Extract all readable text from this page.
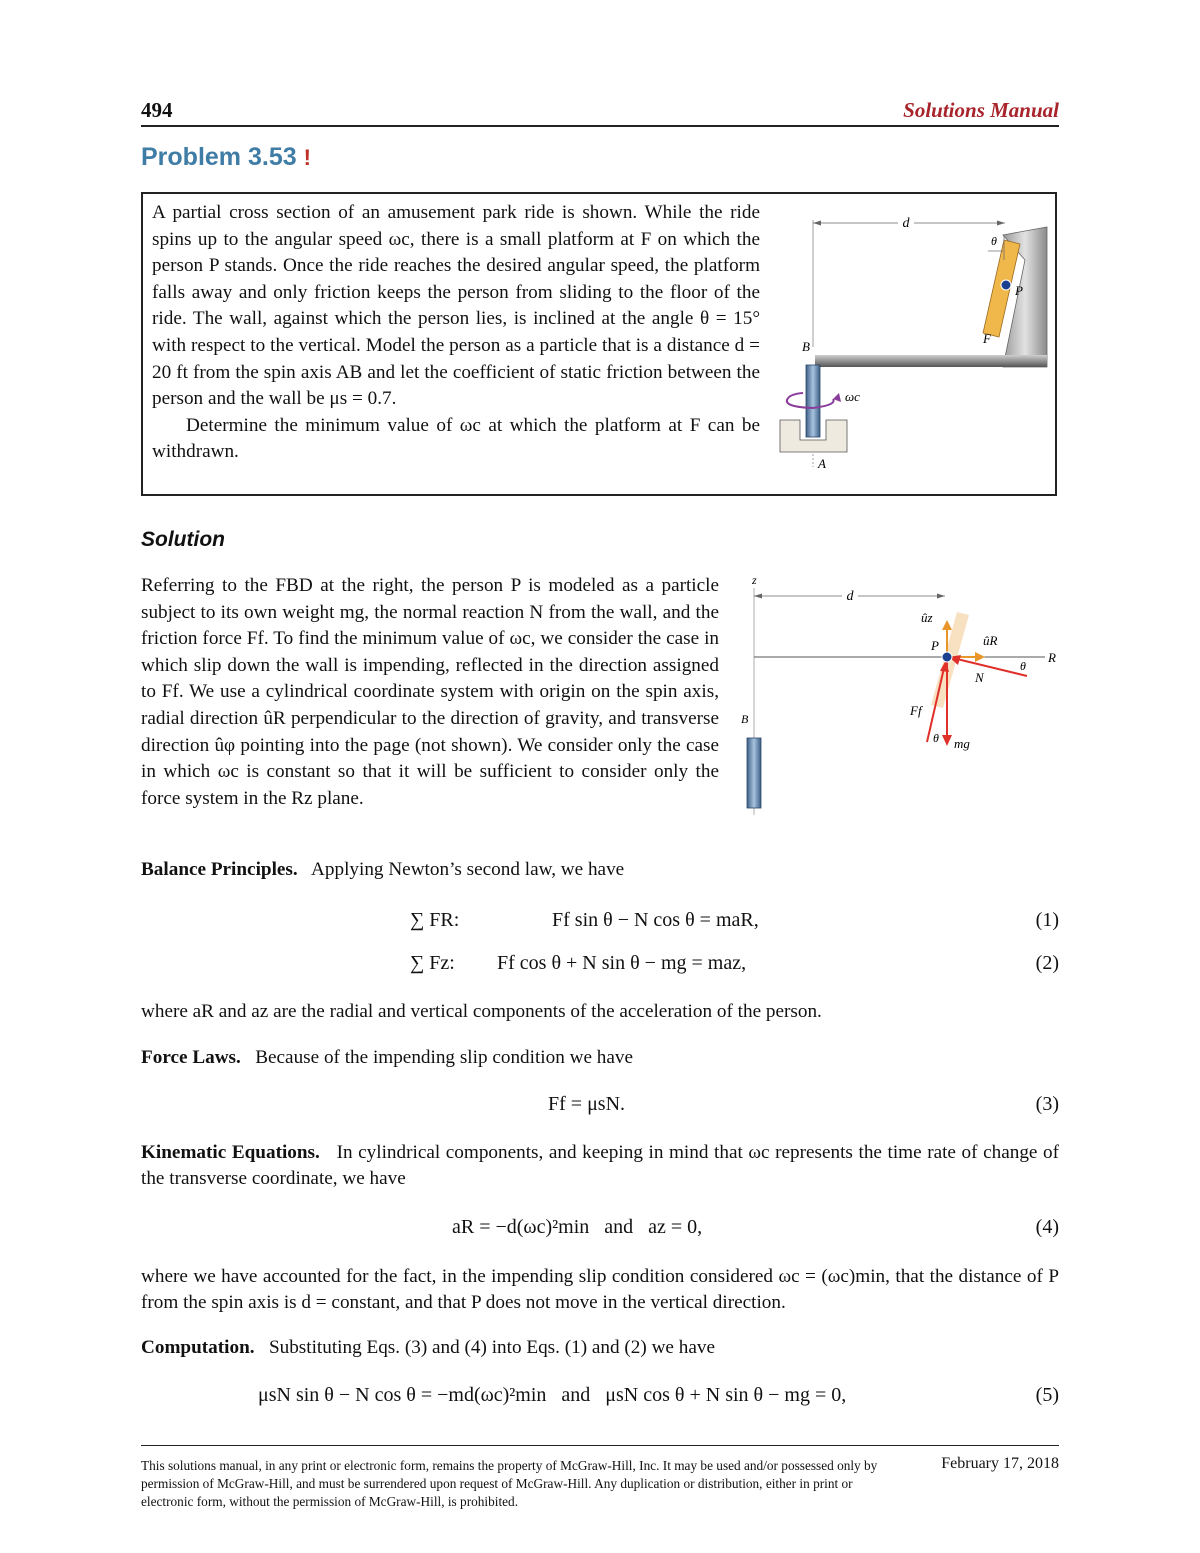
494	Solutions Manual
Problem 3.53 !

A partial cross section of an amusement park ride is shown. While the ride spins up to the angular speed ωc, there is a small platform at F on which the person P stands. Once the ride reaches the desired angular speed, the platform falls away and only friction keeps the person from sliding to the floor of the ride. The wall, against which the person lies, is inclined at the angle θ = 15° with respect to the vertical. Model the person as a particle that is a distance d = 20 ft from the spin axis AB and let the coefficient of static friction between the person and the wall be μs = 0.7.

Determine the minimum value of ωc at which the platform at F can be withdrawn.

d
P
F
θ
B
A
ωc
Solution

Referring to the FBD at the right, the person P is modeled as a particle subject to its own weight mg, the normal reaction N from the wall, and the friction force Ff. To find the minimum value of ωc, we consider the case in which slip down the wall is impending, reflected in the direction assigned to Ff. We use a cylindrical coordinate system with origin on the spin axis, radial direction ûR perpendicular to the direction of gravity, and transverse direction ûφ pointing into the page (not shown). We consider only the case in which ωc is constant so that it will be sufficient to consider only the force system in the Rz plane.

z
d
R
ûz
ûR
N
θ
Ff
mg
θ
P
B
Balance Principles. Applying Newton’s second law, we have
∑ FR:	Ff sin θ − N cos θ = maR,	(1)
∑ Fz: Ff cos θ + N sin θ − mg = maz,	(2)
where aR and az are the radial and vertical components of the acceleration of the person.
Force Laws. Because of the impending slip condition we have
Ff = μsN.	(3)
Kinematic Equations. In cylindrical components, and keeping in mind that ωc represents the time rate of change of the transverse coordinate, we have
aR = −d(ωc)²min   and   az = 0,	(4)
where we have accounted for the fact, in the impending slip condition considered ωc = (ωc)min, that the distance of P from the spin axis is d = constant, and that P does not move in the vertical direction.
Computation. Substituting Eqs. (3) and (4) into Eqs. (1) and (2) we have
μsN sin θ − N cos θ = −md(ωc)²min   and   μsN cos θ + N sin θ − mg = 0,	(5)
This solutions manual, in any print or electronic form, remains the property of McGraw-Hill, Inc. It may be used and/or possessed only by permission of McGraw-Hill, and must be surrendered upon request of McGraw-Hill. Any duplication or distribution, either in print or electronic form, without the permission of McGraw-Hill, is prohibited.
February 17, 2018
